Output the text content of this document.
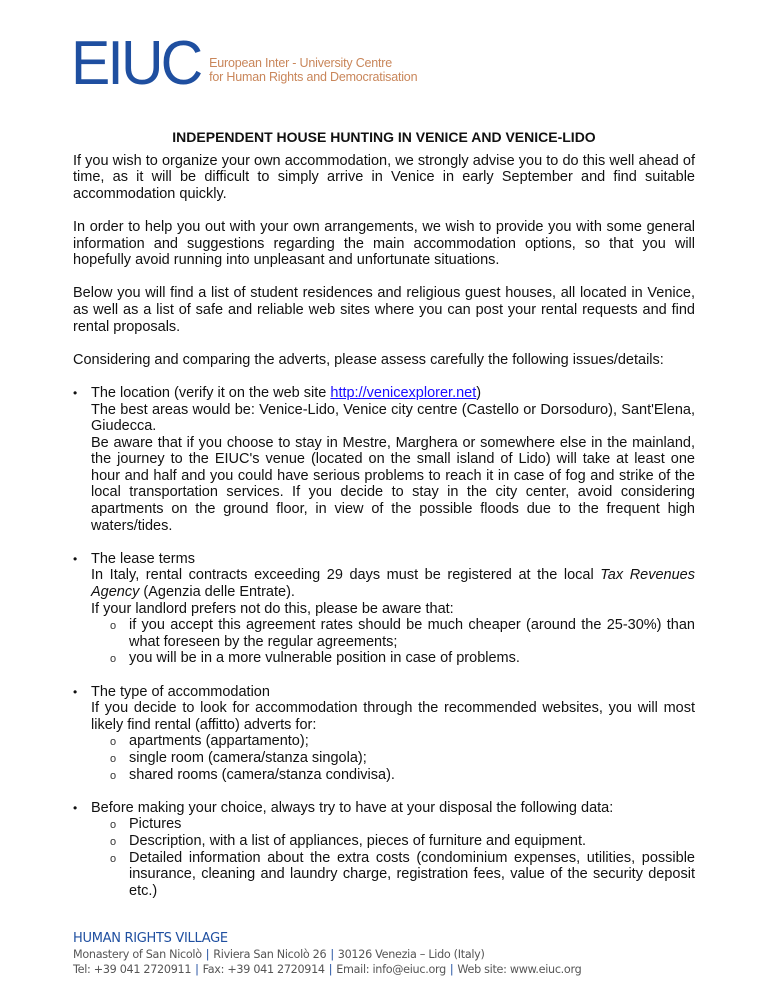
EIUC European Inter - University Centre
for Human Rights and Democratisation
INDEPENDENT HOUSE HUNTING IN VENICE AND VENICE-LIDO

If you wish to organize your own accommodation, we strongly advise you to do this well ahead of time, as it will be difficult to simply arrive in Venice in early September and find suitable accommodation quickly.

In order to help you out with your own arrangements, we wish to provide you with some general information and suggestions regarding the main accommodation options, so that you will hopefully avoid running into unpleasant and unfortunate situations.

Below you will find a list of student residences and religious guest houses, all located in Venice, as well as a list of safe and reliable web sites where you can post your rental requests and find rental proposals.

Considering and comparing the adverts, please assess carefully the following issues/details:

• The location (verify it on the web site http://venicexplorer.net)
The best areas would be: Venice-Lido, Venice city centre (Castello or Dorsoduro), Sant'Elena, Giudecca.
Be aware that if you choose to stay in Mestre, Marghera or somewhere else in the mainland, the journey to the EIUC's venue (located on the small island of Lido) will take at least one hour and half and you could have serious problems to reach it in case of fog and strike of the local transportation services. If you decide to stay in the city center, avoid considering apartments on the ground floor, in view of the possible floods due to the frequent high waters/tides.
• The lease terms
In Italy, rental contracts exceeding 29 days must be registered at the local Tax Revenues Agency (Agenzia delle Entrate).
If your landlord prefers not do this, please be aware that:
o if you accept this agreement rates should be much cheaper (around the 25-30%) than what foreseen by the regular agreements;
o you will be in a more vulnerable position in case of problems.
• The type of accommodation
If you decide to look for accommodation through the recommended websites, you will most likely find rental (affitto) adverts for:
o apartments (appartamento);
o single room (camera/stanza singola);
o shared rooms (camera/stanza condivisa).
• Before making your choice, always try to have at your disposal the following data:
o Pictures
o Description, with a list of appliances, pieces of furniture and equipment.
o Detailed information about the extra costs (condominium expenses, utilities, possible insurance, cleaning and laundry charge, registration fees, value of the security deposit etc.)
HUMAN RIGHTS VILLAGE
Monastery of San Nicolò | Riviera San Nicolò 26 | 30126 Venezia – Lido (Italy)
Tel: +39 041 2720911 | Fax: +39 041 2720914 | Email: info@eiuc.org | Web site: www.eiuc.org
